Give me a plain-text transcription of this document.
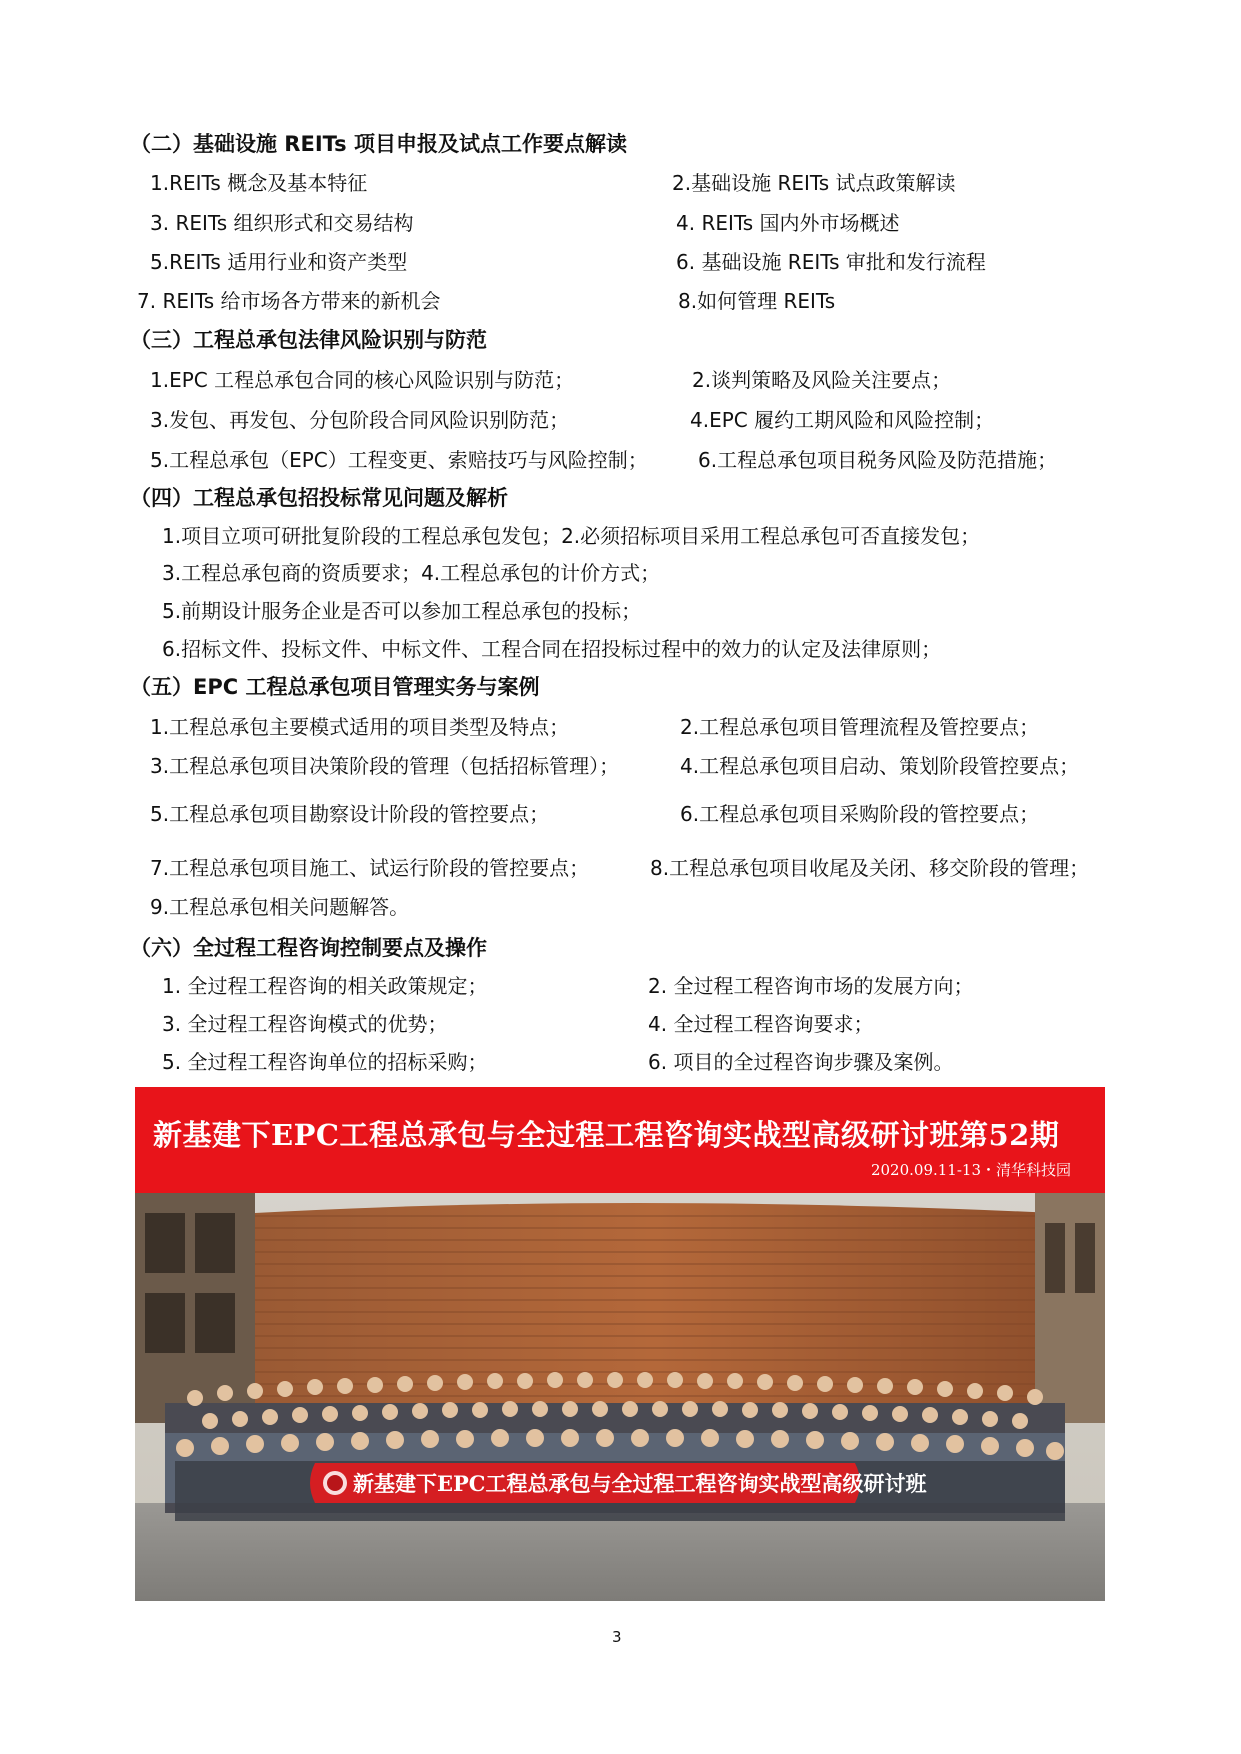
（二）基础设施 REITs 项目申报及试点工作要点解读
1.REITs 概念及基本特征	2.基础设施 REITs 试点政策解读
3. REITs 组织形式和交易结构	4. REITs 国内外市场概述
5.REITs 适用行业和资产类型	6. 基础设施 REITs 审批和发行流程
7. REITs 给市场各方带来的新机会	8.如何管理 REITs
（三）工程总承包法律风险识别与防范
1.EPC 工程总承包合同的核心风险识别与防范；	2.谈判策略及风险关注要点；
3.发包、再发包、分包阶段合同风险识别防范；	4.EPC 履约工期风险和风险控制；
5.工程总承包（EPC）工程变更、索赔技巧与风险控制；	6.工程总承包项目税务风险及防范措施；
（四）工程总承包招投标常见问题及解析
1.项目立项可研批复阶段的工程总承包发包；2.必须招标项目采用工程总承包可否直接发包；
3.工程总承包商的资质要求；4.工程总承包的计价方式；
5.前期设计服务企业是否可以参加工程总承包的投标；
6.招标文件、投标文件、中标文件、工程合同在招投标过程中的效力的认定及法律原则；
（五）EPC 工程总承包项目管理实务与案例
1.工程总承包主要模式适用的项目类型及特点；	2.工程总承包项目管理流程及管控要点；
3.工程总承包项目决策阶段的管理（包括招标管理）；	4.工程总承包项目启动、策划阶段管控要点；
5.工程总承包项目勘察设计阶段的管控要点；	6.工程总承包项目采购阶段的管控要点；
7.工程总承包项目施工、试运行阶段的管控要点；	8.工程总承包项目收尾及关闭、移交阶段的管理；
9.工程总承包相关问题解答。
（六）全过程工程咨询控制要点及操作
1. 全过程工程咨询的相关政策规定；	2. 全过程工程咨询市场的发展方向；
3. 全过程工程咨询模式的优势；	4. 全过程工程咨询要求；
5. 全过程工程咨询单位的招标采购；	6. 项目的全过程咨询步骤及案例。
新基建下EPC工程总承包与全过程工程咨询实战型高级研讨班第52期
2020.09.11-13・清华科技园
新基建下EPC工程总承包与全过程工程咨询实战型高级研讨班
3
